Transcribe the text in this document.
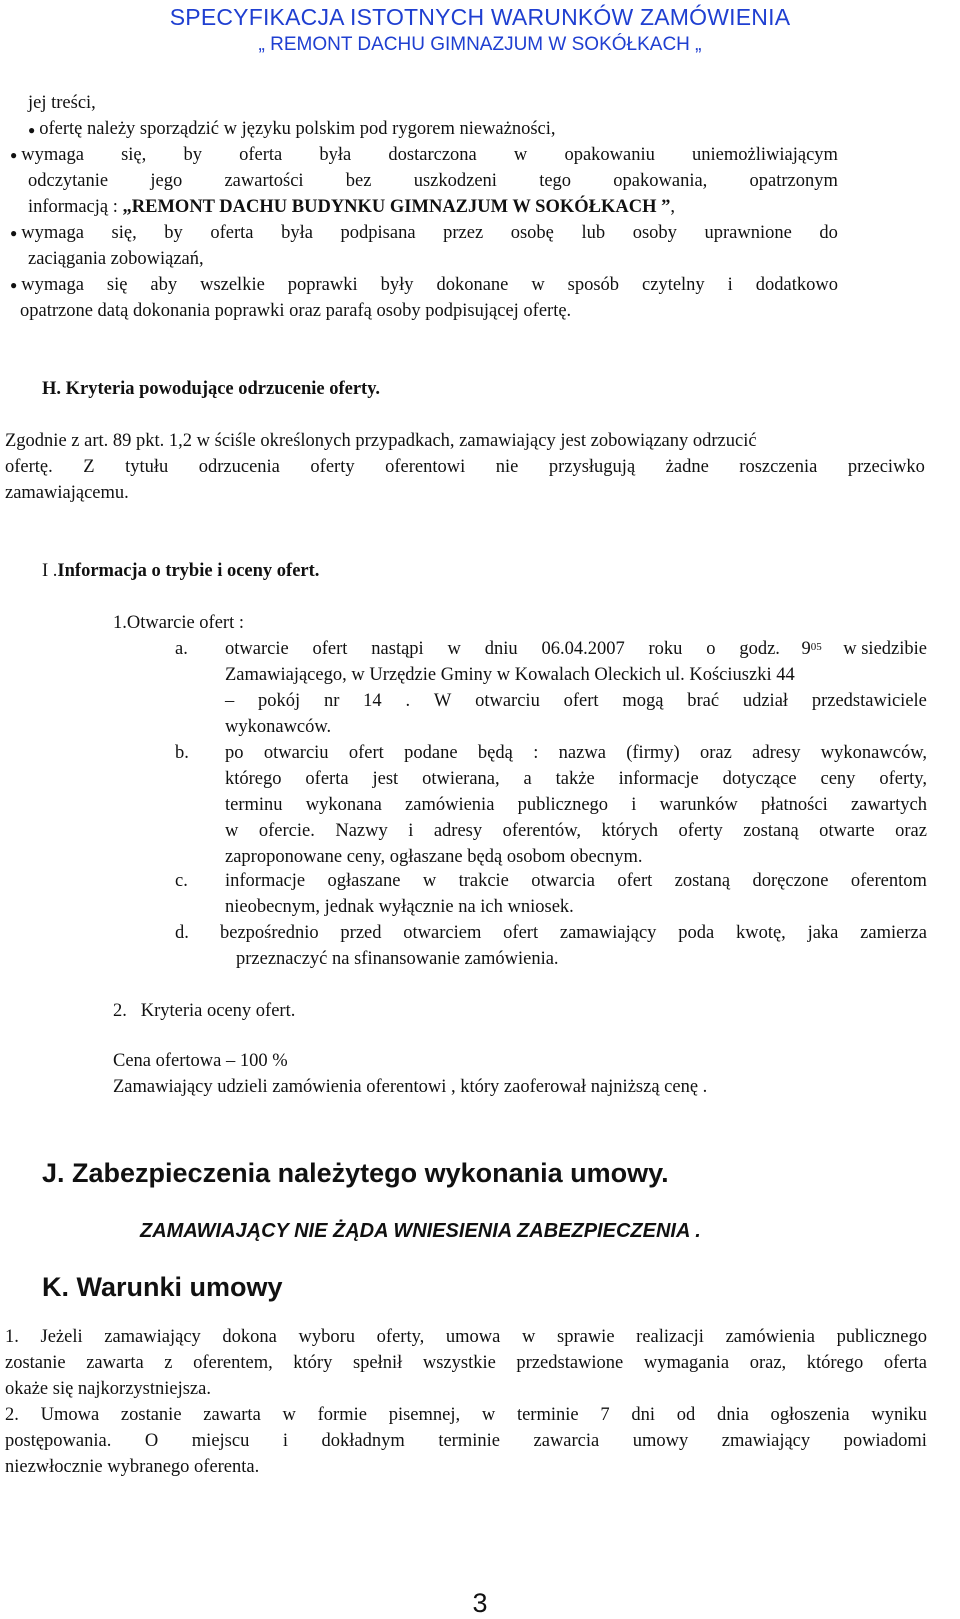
SPECYFIKACJA ISTOTNYCH WARUNKÓW ZAMÓWIENIA
„ REMONT DACHU GIMNAZJUM W SOKÓŁKACH „
jej treści,
● ofertę należy sporządzić w języku polskim pod rygorem nieważności,
● wymaga się, by oferta była dostarczona w opakowaniu uniemożliwiającym
odczytanie jego zawartości bez uszkodzeni tego opakowania, opatrzonym
informacją : „REMONT DACHU BUDYNKU GIMNAZJUM W SOKÓŁKACH ”,
● wymaga się, by oferta była podpisana przez osobę lub osoby uprawnione do
zaciągania zobowiązań,
● wymaga się aby wszelkie poprawki były dokonane w sposób czytelny i dodatkowo
opatrzone datą dokonania poprawki oraz parafą osoby podpisującej ofertę.
H. Kryteria powodujące odrzucenie oferty.
Zgodnie z art. 89 pkt. 1,2 w ściśle określonych przypadkach, zamawiający jest zobowiązany odrzucić
ofertę. Z tytułu odrzucenia oferty oferentowi nie przysługują żadne roszczenia przeciwko
zamawiającemu.
I .Informacja o trybie i oceny ofert.
1.Otwarcie ofert :
a. otwarcie ofert nastąpi w dniu 06.04.2007 roku o godz. $9^{05}$ w siedzibie
Zamawiającego, w Urzędzie Gminy w Kowalach Oleckich ul. Kościuszki 44
– pokój nr 14 . W otwarciu ofert mogą brać udział przedstawiciele
wykonawców.
b. po otwarciu ofert podane będą : nazwa (firmy) oraz adresy wykonawców,
którego oferta jest otwierana, a także informacje dotyczące ceny oferty,
terminu wykonana zamówienia publicznego i warunków płatności zawartych
w ofercie. Nazwy i adresy oferentów, których oferty zostaną otwarte oraz
zaproponowane ceny, ogłaszane będą osobom obecnym.
c. informacje ogłaszane w trakcie otwarcia ofert zostaną doręczone oferentom
nieobecnym, jednak wyłącznie na ich wniosek.
d. bezpośrednio przed otwarciem ofert zamawiający poda kwotę, jaka zamierza
przeznaczyć na sfinansowanie zamówienia.
2.   Kryteria oceny ofert.
Cena ofertowa – 100 %
Zamawiający udzieli zamówienia oferentowi , który zaoferował najniższą cenę .
J. Zabezpieczenia należytego wykonania umowy.
ZAMAWIAJĄCY NIE ŻĄDA WNIESIENIA ZABEZPIECZENIA .
K. Warunki umowy
1. Jeżeli zamawiający dokona wyboru oferty, umowa w sprawie realizacji zamówienia publicznego
zostanie zawarta z oferentem, który spełnił wszystkie przedstawione wymagania oraz, którego oferta
okaże się najkorzystniejsza.
2. Umowa zostanie zawarta w formie pisemnej, w terminie 7 dni od dnia ogłoszenia wyniku
postępowania. O miejscu i dokładnym terminie zawarcia umowy zmawiający powiadomi
niezwłocznie wybranego oferenta.
3
